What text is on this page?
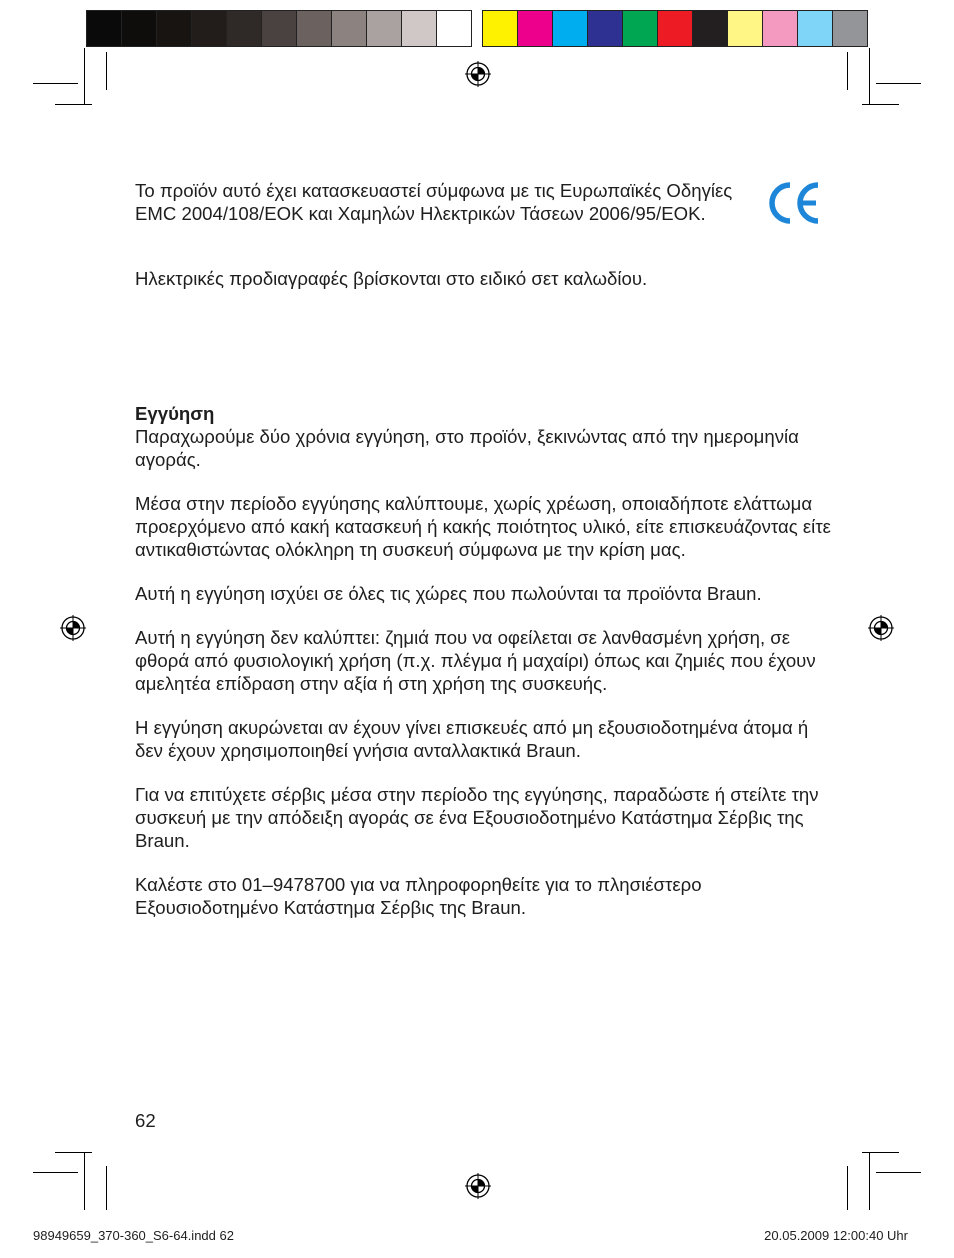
Το προϊόν αυτό έχει κατασκευαστεί σύμφωνα με τις Ευρωπαϊκές Οδηγίες EMC 2004/108/EOK και Χαμηλών Ηλεκτρικών Τάσεων 2006/95/EOK.

Ηλεκτρικές προδιαγραφές βρίσκονται στο ειδικό σετ καλωδίου.

Εγγύηση

Παραχωρούμε δύο χρόνια εγγύηση, στο προϊόν, ξεκινώντας από την ημερομηνία αγοράς.

Μέσα στην περίοδο εγγύησης καλύπτουμε, χωρίς χρέωση, οποιαδήποτε ελάττωμα προερχόμενο από κακή κατασκευή ή κακής ποιότητος υλικό, είτε επισκευάζοντας είτε αντικαθιστώντας ολόκληρη τη συσκευή σύμφωνα με την κρίση μας.

Αυτή η εγγύηση ισχύει σε όλες τις χώρες που πωλούνται τα προϊόντα Braun.

Αυτή η εγγύηση δεν καλύπτει: ζημιά που να οφείλεται σε λανθασμένη χρήση, σε φθορά από φυσιολογική χρήση (π.χ. πλέγμα ή μαχαίρι) όπως και ζημιές που έχουν αμελητέα επίδραση στην αξία ή στη χρήση της συσκευής.

Η εγγύηση ακυρώνεται αν έχουν γίνει επισκευές από μη εξουσιοδοτημένα άτομα ή δεν έχουν χρησιμοποιηθεί γνήσια ανταλλακτικά Braun.

Για να επιτύχετε σέρβις μέσα στην περίοδο της εγγύησης, παραδώστε ή στείλτε την συσκευή με την απόδειξη αγοράς σε ένα Εξουσιοδοτημένο Κατάστημα Σέρβις της Braun.

Καλέστε στο 01–9478700 για να πληροφορηθείτε για το πλησιέστερο Εξουσιοδοτημένο Κατάστημα Σέρβις της Braun.

62
98949659_370-360_S6-64.indd 62	20.05.2009 12:00:40 Uhr
